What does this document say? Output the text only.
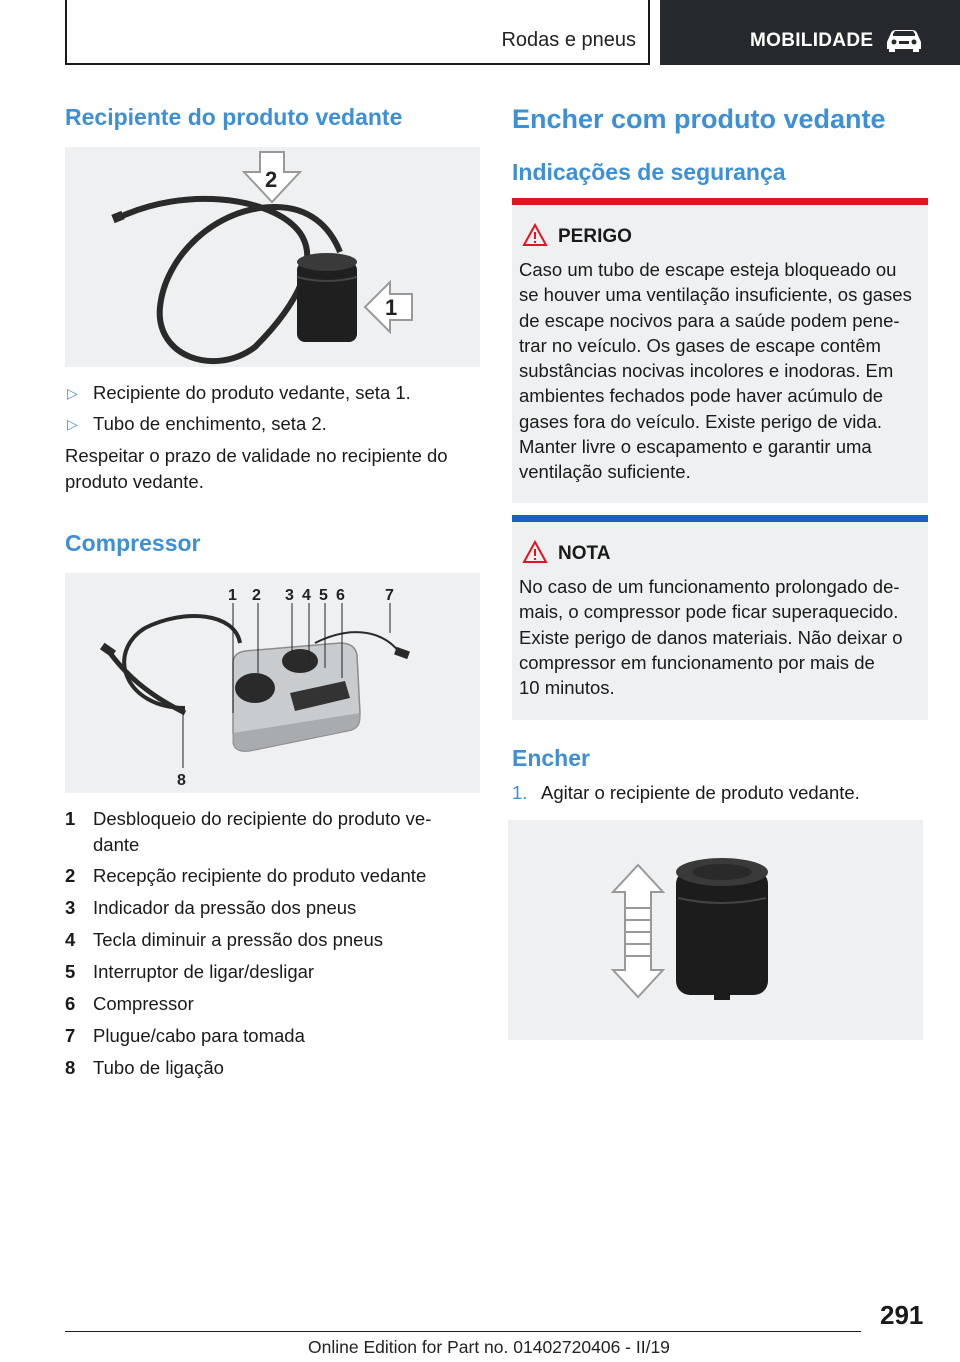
Rodas e pneus	MOBILIDADE
Recipiente do produto vedante
2
1
▷ Recipiente do produto vedante, seta 1.
▷ Tubo de enchimento, seta 2.
Respeitar o prazo de validade no recipiente do
produto vedante.
Compressor
1 2 3 4 5 6	7
8
1 Desbloqueio do recipiente do produto ve-
dante
2 Recepção recipiente do produto vedante
3 Indicador da pressão dos pneus
4 Tecla diminuir a pressão dos pneus
5 Interruptor de ligar/desligar
6 Compressor
7 Plugue/cabo para tomada
8 Tubo de ligação
Encher com produto vedante
Indicações de segurança
PERIGO
Caso um tubo de escape esteja bloqueado ou
se houver uma ventilação insuficiente, os gases
de escape nocivos para a saúde podem pene-
trar no veículo. Os gases de escape contêm
substâncias nocivas incolores e inodoras. Em
ambientes fechados pode haver acúmulo de
gases fora do veículo. Existe perigo de vida.
Manter livre o escapamento e garantir uma
ventilação suficiente.
NOTA
No caso de um funcionamento prolongado de-
mais, o compressor pode ficar superaquecido.
Existe perigo de danos materiais. Não deixar o
compressor em funcionamento por mais de
10 minutos.
Encher
1. Agitar o recipiente de produto vedante.
291
Online Edition for Part no. 01402720406 - II/19
